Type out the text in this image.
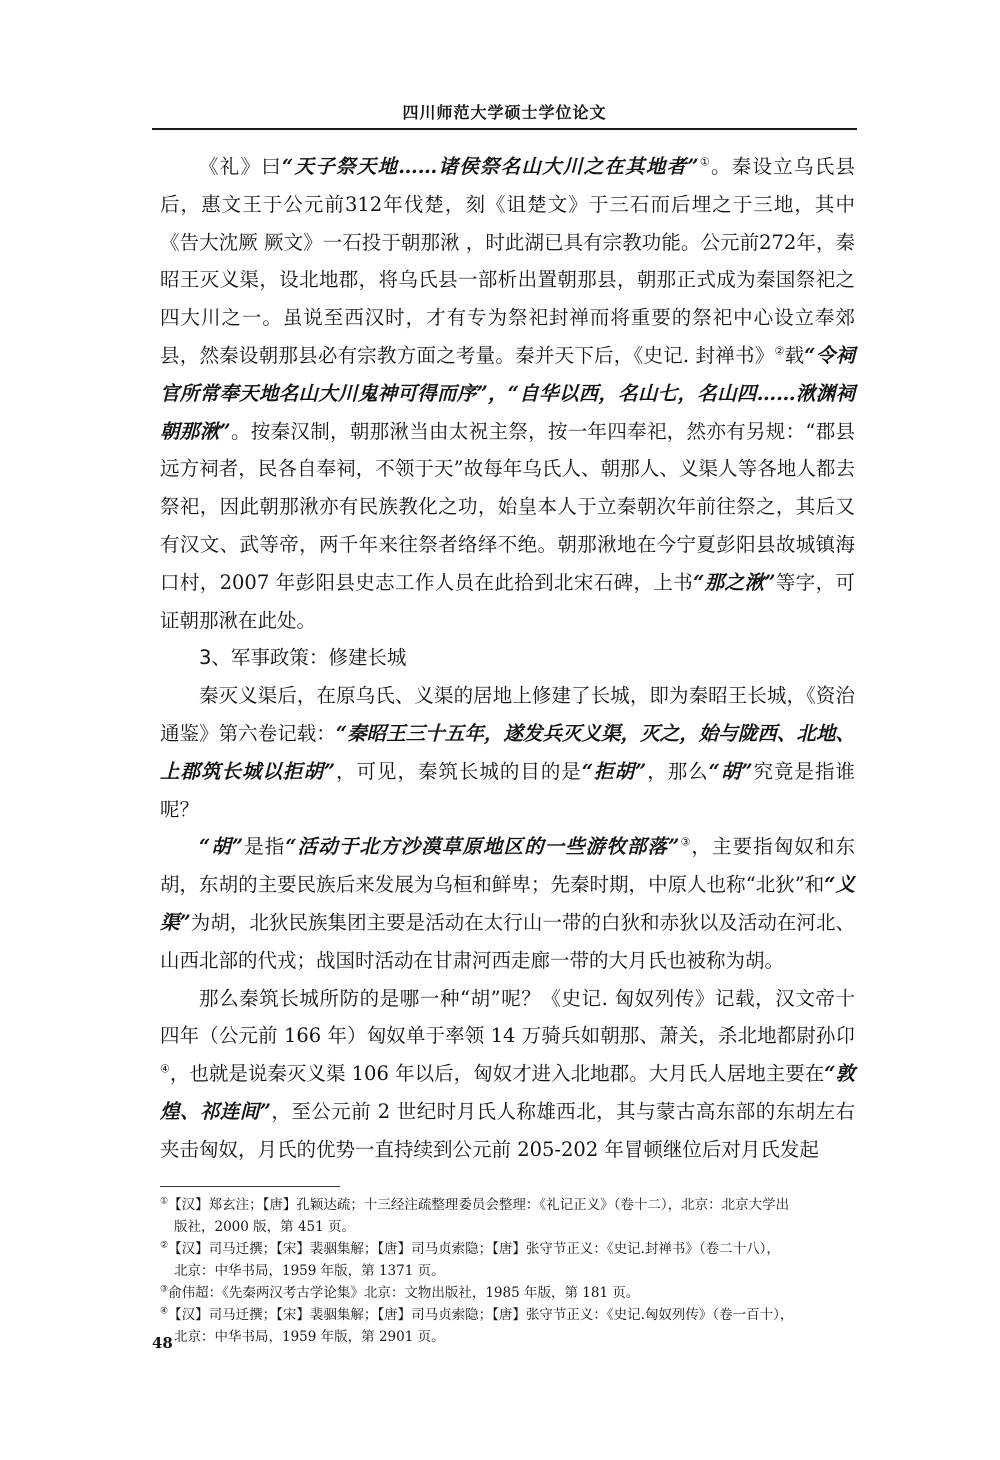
四川师范大学硕士学位论文

《礼》曰“天子祭天地……诸侯祭名山大川之在其地者”①。秦设立乌氏县后，惠文王于公元前312年伐楚，刻《诅楚文》于三石而后埋之于三地，其中《告大沈厥 厥文》一石投于朝那湫 ，时此湖已具有宗教功能。公元前272年，秦昭王灭义渠，设北地郡，将乌氏县一部析出置朝那县，朝那正式成为秦国祭祀之四大川之一。虽说至西汉时，才有专为祭祀封禅而将重要的祭祀中心设立奉郊县，然秦设朝那县必有宗教方面之考量。秦并天下后，《史记. 封禅书》②载“令祠官所常奉天地名山大川鬼神可得而序”，“自华以西，名山七，名山四……湫渊祠朝那湫”。按秦汉制，朝那湫当由太祝主祭，按一年四奉祀，然亦有另规：“郡县远方祠者，民各自奉祠，不领于天”故每年乌氏人、朝那人、义渠人等各地人都去祭祀，因此朝那湫亦有民族教化之功，始皇本人于立秦朝次年前往祭之，其后又有汉文、武等帝，两千年来往祭者络绎不绝。朝那湫地在今宁夏彭阳县故城镇海口村，2007 年彭阳县史志工作人员在此拾到北宋石碑，上书“那之湫”等字，可证朝那湫在此处。

3、军事政策：修建长城

秦灭义渠后，在原乌氏、义渠的居地上修建了长城，即为秦昭王长城，《资治通鉴》第六卷记载：“秦昭王三十五年，遂发兵灭义渠，灭之，始与陇西、北地、上郡筑长城以拒胡”，可见，秦筑长城的目的是“拒胡”，那么“胡”究竟是指谁呢？

“胡”是指“活动于北方沙漠草原地区的一些游牧部落”③，主要指匈奴和东胡，东胡的主要民族后来发展为乌桓和鲜卑；先秦时期，中原人也称“北狄”和“义渠”为胡，北狄民族集团主要是活动在太行山一带的白狄和赤狄以及活动在河北、山西北部的代戎；战国时活动在甘肃河西走廊一带的大月氏也被称为胡。

那么秦筑长城所防的是哪一种“胡”呢？《史记. 匈奴列传》记载，汉文帝十四年（公元前 166 年）匈奴单于率领 14 万骑兵如朝那、萧关，杀北地都尉孙卬④，也就是说秦灭义渠 106 年以后，匈奴才进入北地郡。大月氏人居地主要在“敦煌、祁连间”，至公元前 2 世纪时月氏人称雄西北，其与蒙古高东部的东胡左右夹击匈奴，月氏的优势一直持续到公元前 205-202 年冒顿继位后对月氏发起

①【汉】郑玄注；【唐】孔颖达疏；十三经注疏整理委员会整理：《礼记正义》（卷十二），北京：北京大学出
版社，2000 版，第 451 页。
②【汉】司马迁撰；【宋】裴骃集解；【唐】司马贞索隐；【唐】张守节正义：《史记.封禅书》（卷二十八），
北京：中华书局，1959 年版，第 1371 页。
③俞伟超：《先秦两汉考古学论集》北京：文物出版社，1985 年版，第 181 页。
④【汉】司马迁撰；【宋】裴骃集解；【唐】司马贞索隐；【唐】张守节正义：《史记.匈奴列传》（卷一百十），
北京：中华书局，1959 年版，第 2901 页。
48
